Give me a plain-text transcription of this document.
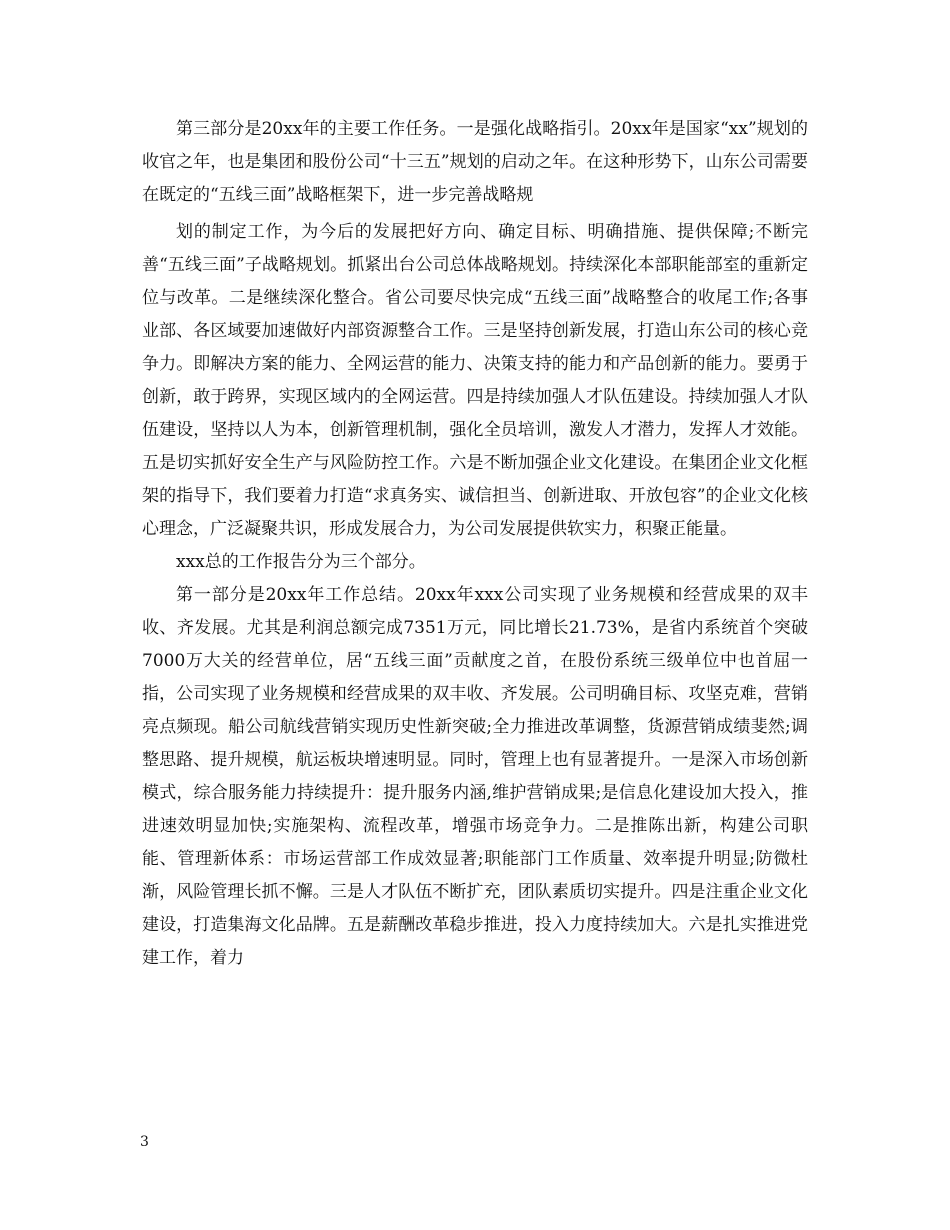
第三部分是20xx年的主要工作任务。一是强化战略指引。20xx年是国家“xx”规划的收官之年，也是集团和股份公司“十三五”规划的启动之年。在这种形势下，山东公司需要在既定的“五线三面”战略框架下，进一步完善战略规

划的制定工作，为今后的发展把好方向、确定目标、明确措施、提供保障;不断完善“五线三面”子战略规划。抓紧出台公司总体战略规划。持续深化本部职能部室的重新定位与改革。二是继续深化整合。省公司要尽快完成“五线三面”战略整合的收尾工作;各事业部、各区域要加速做好内部资源整合工作。三是坚持创新发展，打造山东公司的核心竞争力。即解决方案的能力、全网运营的能力、决策支持的能力和产品创新的能力。要勇于创新，敢于跨界，实现区域内的全网运营。四是持续加强人才队伍建设。持续加强人才队伍建设，坚持以人为本，创新管理机制，强化全员培训，激发人才潜力，发挥人才效能。五是切实抓好安全生产与风险防控工作。六是不断加强企业文化建设。在集团企业文化框架的指导下，我们要着力打造“求真务实、诚信担当、创新进取、开放包容”的企业文化核心理念，广泛凝聚共识，形成发展合力，为公司发展提供软实力，积聚正能量。

xxx总的工作报告分为三个部分。

第一部分是20xx年工作总结。20xx年xxx公司实现了业务规模和经营成果的双丰收、齐发展。尤其是利润总额完成7351万元，同比增长21.73%，是省内系统首个突破7000万大关的经营单位，居“五线三面”贡献度之首，在股份系统三级单位中也首屈一指，公司实现了业务规模和经营成果的双丰收、齐发展。公司明确目标、攻坚克难，营销亮点频现。船公司航线营销实现历史性新突破;全力推进改革调整，货源营销成绩斐然;调整思路、提升规模，航运板块增速明显。同时，管理上也有显著提升。一是深入市场创新模式，综合服务能力持续提升：提升服务内涵,维护营销成果;是信息化建设加大投入，推进速效明显加快;实施架构、流程改革，增强市场竞争力。二是推陈出新，构建公司职能、管理新体系：市场运营部工作成效显著;职能部门工作质量、效率提升明显;防微杜渐，风险管理长抓不懈。三是人才队伍不断扩充，团队素质切实提升。四是注重企业文化建设，打造集海文化品牌。五是薪酬改革稳步推进，投入力度持续加大。六是扎实推进党建工作，着力

3
